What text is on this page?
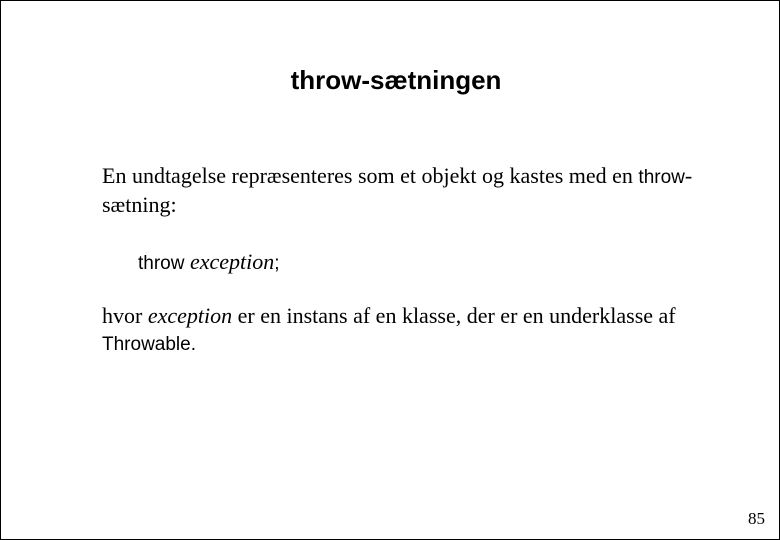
throw-sætningen
En undtagelse repræsenteres som et objekt og kastes med en throw-sætning:
throw exception;
hvor exception er en instans af en klasse, der er en underklasse af Throwable.
85
